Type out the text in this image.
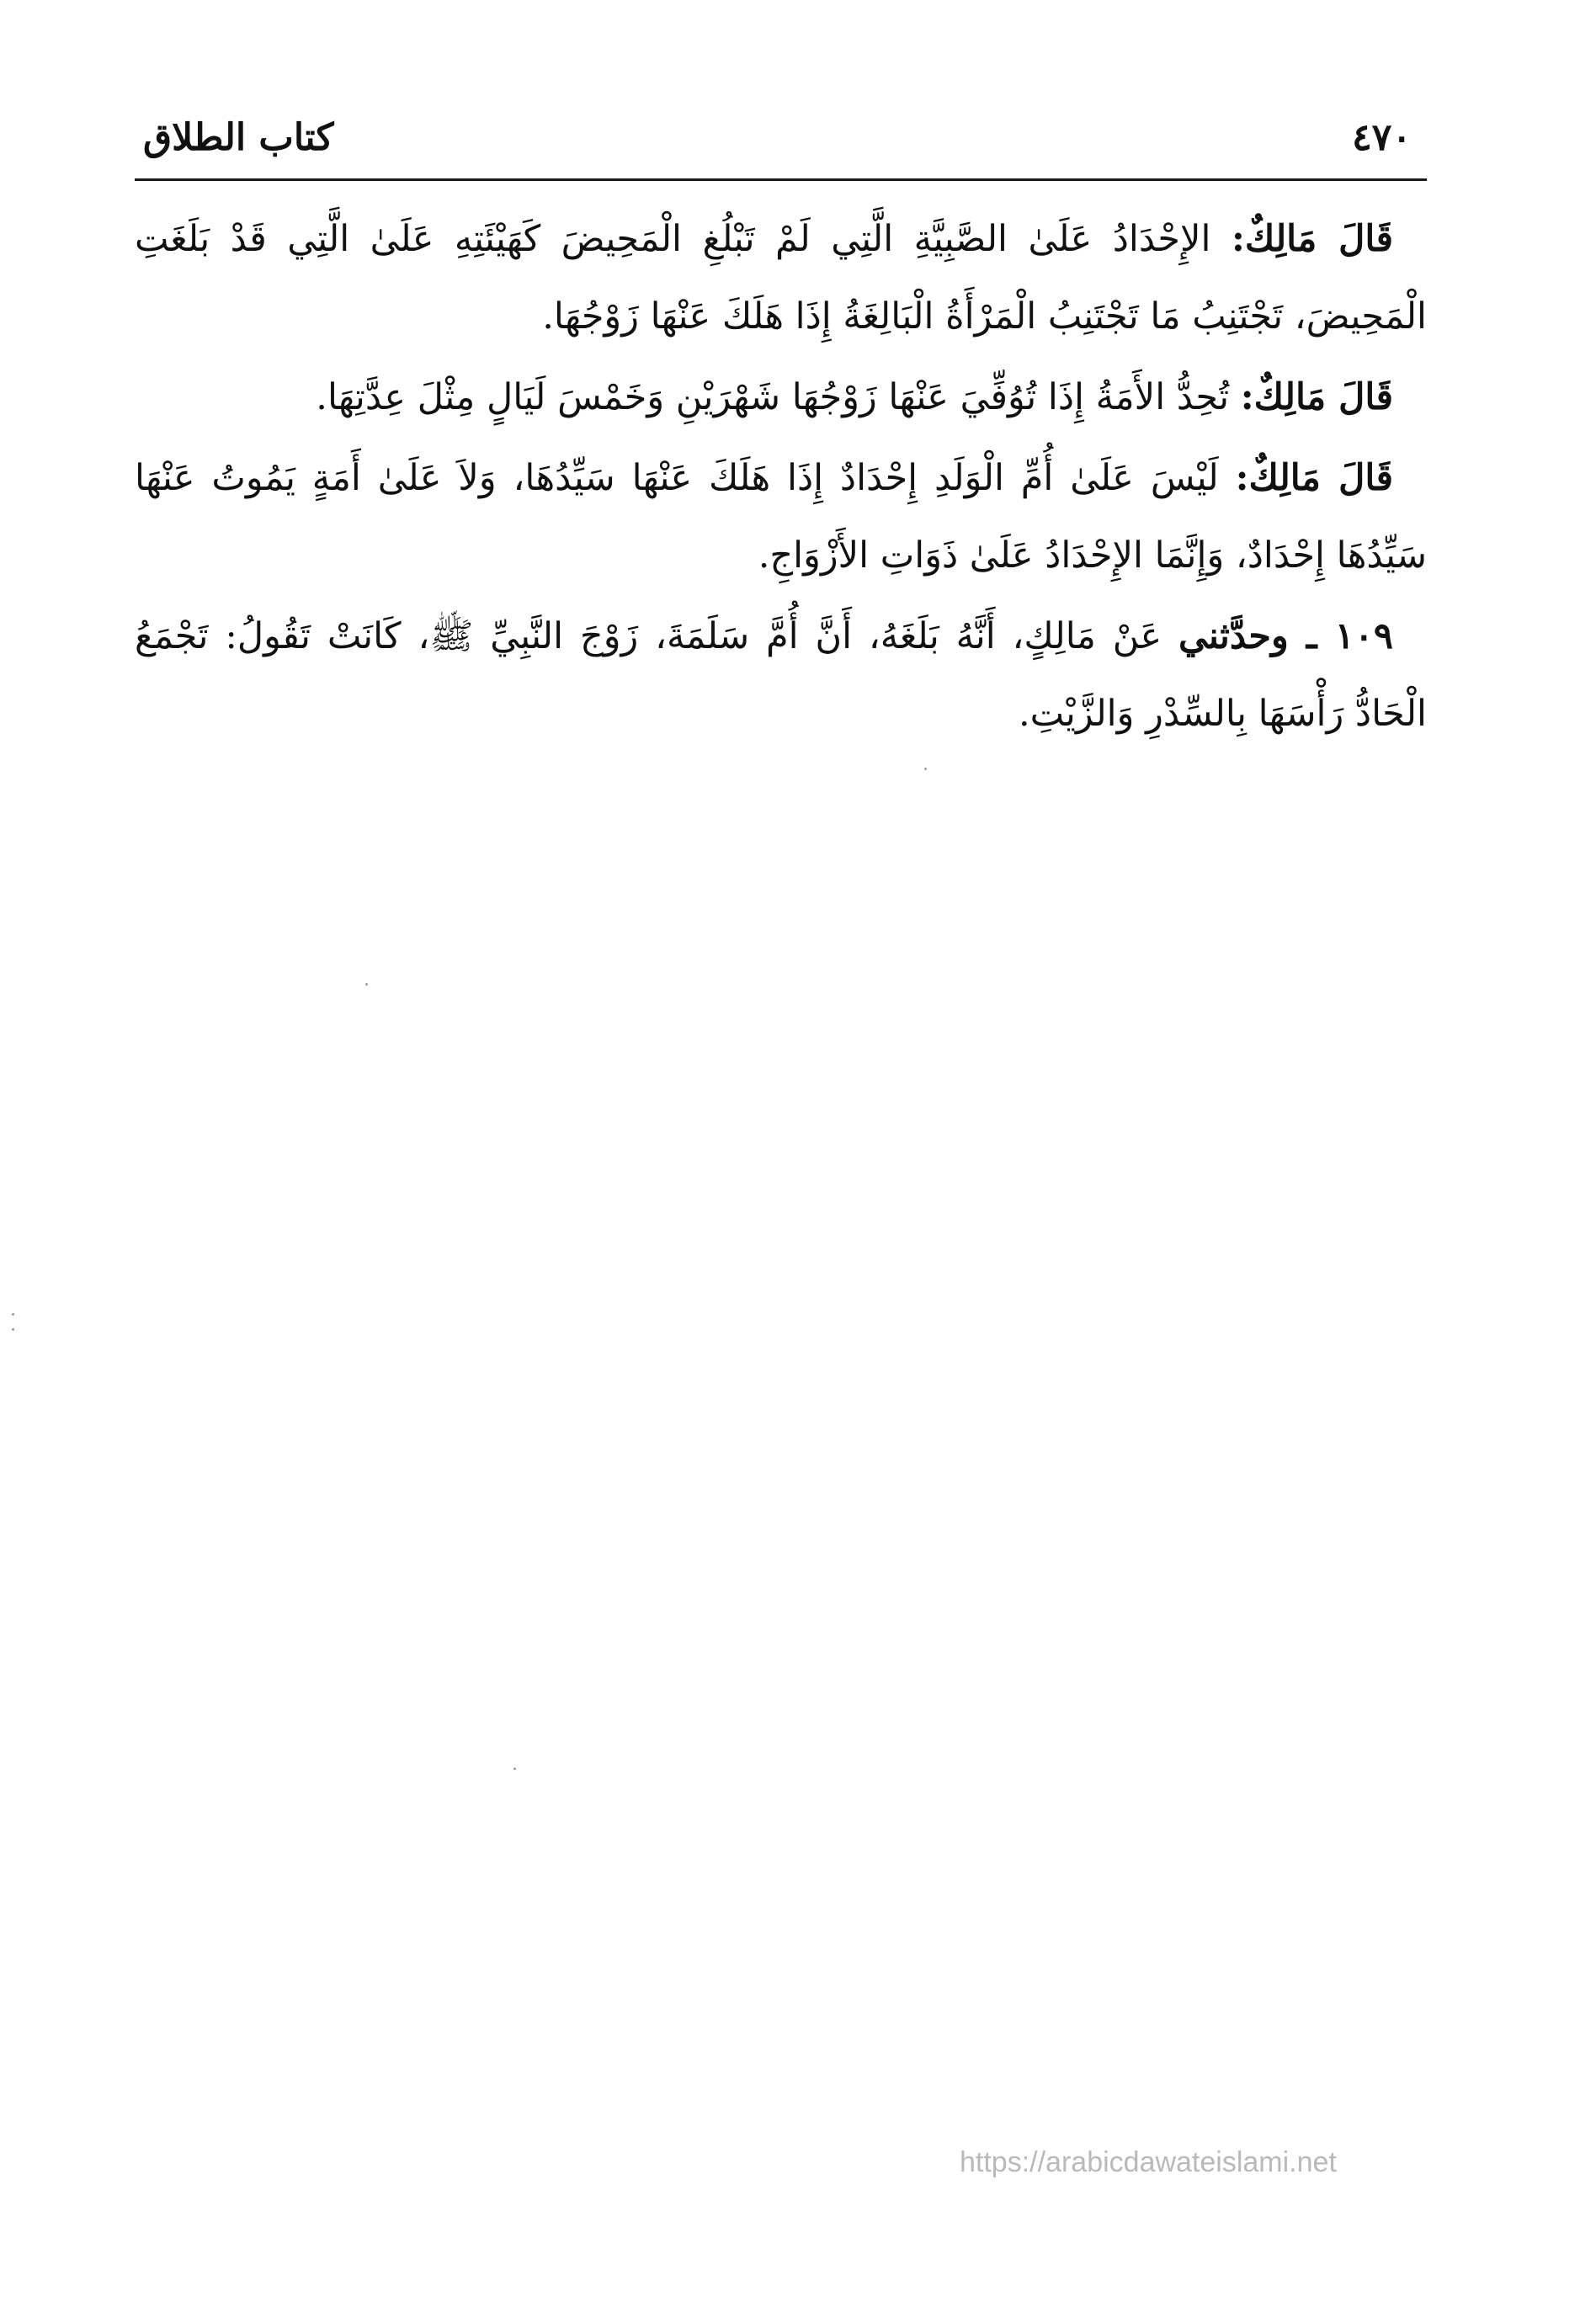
٤٧٠
كتاب الطلاق

قَالَ مَالِكٌ: الإِحْدَادُ عَلَىٰ الصَّبِيَّةِ الَّتِي لَمْ تَبْلُغِ الْمَحِيضَ كَهَيْئَتِهِ عَلَىٰ الَّتِي قَدْ بَلَغَتِ الْمَحِيضَ، تَجْتَنِبُ مَا تَجْتَنِبُ الْمَرْأَةُ الْبَالِغَةُ إِذَا هَلَكَ عَنْهَا زَوْجُهَا.

قَالَ مَالِكٌ: تُحِدُّ الأَمَةُ إِذَا تُوُفِّيَ عَنْهَا زَوْجُهَا شَهْرَيْنِ وَخَمْسَ لَيَالٍ مِثْلَ عِدَّتِهَا.

قَالَ مَالِكٌ: لَيْسَ عَلَىٰ أُمِّ الْوَلَدِ إِحْدَادٌ إِذَا هَلَكَ عَنْهَا سَيِّدُهَا، وَلاَ عَلَىٰ أَمَةٍ يَمُوتُ عَنْهَا سَيِّدُهَا إِحْدَادٌ، وَإِنَّمَا الإِحْدَادُ عَلَىٰ ذَوَاتِ الأَزْوَاجِ.

١٠٩ ـ وحدَّثني عَنْ مَالِكٍ، أَنَّهُ بَلَغَهُ، أَنَّ أُمَّ سَلَمَةَ، زَوْجَ النَّبِيِّ ﷺ، كَانَتْ تَقُولُ: تَجْمَعُ الْحَادُّ رَأْسَهَا بِالسِّدْرِ وَالزَّيْتِ.

https://arabicdawateislami.net
